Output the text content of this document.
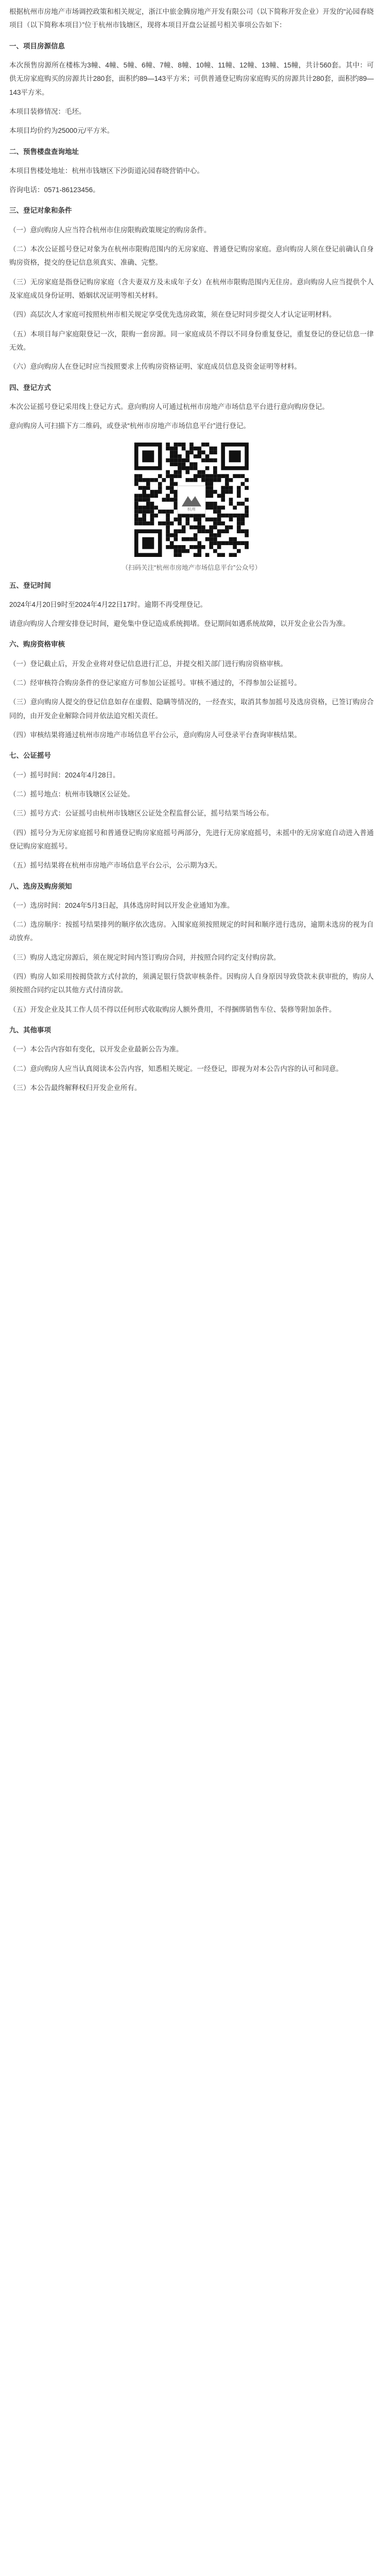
根据杭州市房地产市场调控政策和相关规定，浙江中旅金腾房地产开发有限公司（以下简称开发企业）开发的“沁园春晓项目（以下简称本项目）”位于杭州市钱塘区，现将本项目开盘公证摇号相关事项公告如下：

一、项目房源信息

本次预售房源所在楼栋为3幢、4幢、5幢、6幢、7幢、8幢、10幢、11幢、12幢、13幢、15幢，共计560套。其中：可供无房家庭购买的房源共计280套，面积约89—143平方米；可供普通登记购房家庭购买的房源共计280套，面积约89—143平方米。

本项目装修情况：毛坯。

本项目均价约为25000元/平方米。

二、预售楼盘查询地址

本项目售楼处地址：杭州市钱塘区下沙街道沁园春晓营销中心。

咨询电话：0571-86123456。

三、登记对象和条件

（一）意向购房人应当符合杭州市住房限购政策规定的购房条件。

（二）本次公证摇号登记对象为在杭州市限购范围内的无房家庭、普通登记购房家庭。意向购房人须在登记前确认自身购房资格，提交的登记信息须真实、准确、完整。

（三）无房家庭是指登记购房家庭（含夫妻双方及未成年子女）在杭州市限购范围内无住房。意向购房人应当提供个人及家庭成员身份证明、婚姻状况证明等相关材料。

（四）高层次人才家庭可按照杭州市相关规定享受优先选房政策，须在登记时同步提交人才认定证明材料。

（五）本项目每户家庭限登记一次，限购一套房源。同一家庭成员不得以不同身份重复登记，重复登记的登记信息一律无效。

（六）意向购房人在登记时应当按照要求上传购房资格证明、家庭成员信息及资金证明等材料。

四、登记方式

本次公证摇号登记采用线上登记方式。意向购房人可通过杭州市房地产市场信息平台进行意向购房登记。

意向购房人可扫描下方二维码，或登录“杭州市房地产市场信息平台”进行登记。

杭州
（扫码关注“杭州市房地产市场信息平台”公众号）

五、登记时间

2024年4月20日9时至2024年4月22日17时。逾期不再受理登记。

请意向购房人合理安排登记时间，避免集中登记造成系统拥堵。登记期间如遇系统故障，以开发企业公告为准。

六、购房资格审核

（一）登记截止后，开发企业将对登记信息进行汇总，并提交相关部门进行购房资格审核。

（二）经审核符合购房条件的登记家庭方可参加公证摇号。审核不通过的，不得参加公证摇号。

（三）意向购房人提交的登记信息如存在虚假、隐瞒等情况的，一经查实，取消其参加摇号及选房资格，已签订购房合同的，由开发企业解除合同并依法追究相关责任。

（四）审核结果将通过杭州市房地产市场信息平台公示，意向购房人可登录平台查询审核结果。

七、公证摇号

（一）摇号时间：2024年4月28日。

（二）摇号地点：杭州市钱塘区公证处。

（三）摇号方式：公证摇号由杭州市钱塘区公证处全程监督公证，摇号结果当场公布。

（四）摇号分为无房家庭摇号和普通登记购房家庭摇号两部分，先进行无房家庭摇号，未摇中的无房家庭自动进入普通登记购房家庭摇号。

（五）摇号结果将在杭州市房地产市场信息平台公示，公示期为3天。

八、选房及购房须知

（一）选房时间：2024年5月3日起，具体选房时间以开发企业通知为准。

（二）选房顺序：按摇号结果排列的顺序依次选房。入围家庭须按照规定的时间和顺序进行选房，逾期未选房的视为自动放弃。

（三）购房人选定房源后，须在规定时间内签订购房合同，并按照合同约定支付购房款。

（四）购房人如采用按揭贷款方式付款的，须满足银行贷款审核条件。因购房人自身原因导致贷款未获审批的，购房人须按照合同约定以其他方式付清房款。

（五）开发企业及其工作人员不得以任何形式收取购房人额外费用，不得捆绑销售车位、装修等附加条件。

九、其他事项

（一）本公告内容如有变化，以开发企业最新公告为准。

（二）意向购房人应当认真阅读本公告内容，知悉相关规定。一经登记，即视为对本公告内容的认可和同意。

（三）本公告最终解释权归开发企业所有。
